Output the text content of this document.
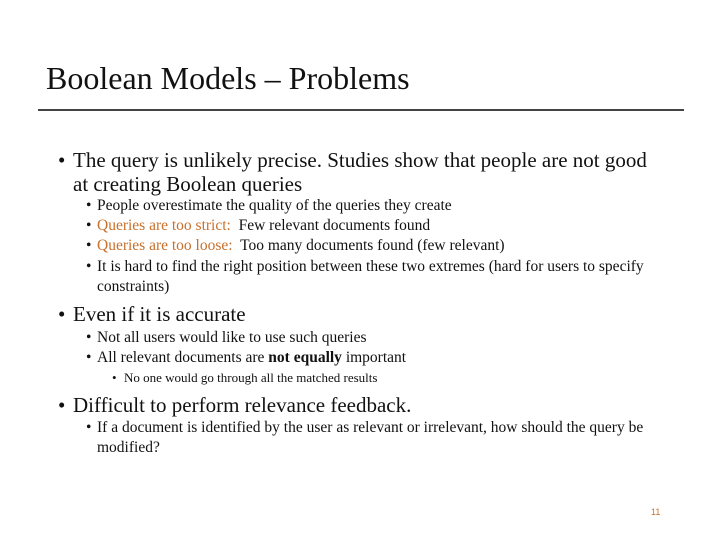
Boolean Models – Problems
• The query is unlikely precise. Studies show that people are not good at creating Boolean queries
• People overestimate the quality of the queries they create
• Queries are too strict:  Few relevant documents found
• Queries are too loose:  Too many documents found (few relevant)
• It is hard to find the right position between these two extremes (hard for users to specify constraints)
• Even if it is accurate
• Not all users would like to use such queries
• All relevant documents are not equally important
• No one would go through all the matched results
• Difficult to perform relevance feedback.
• If a document is identified by the user as relevant or irrelevant, how should the query be modified?
11
